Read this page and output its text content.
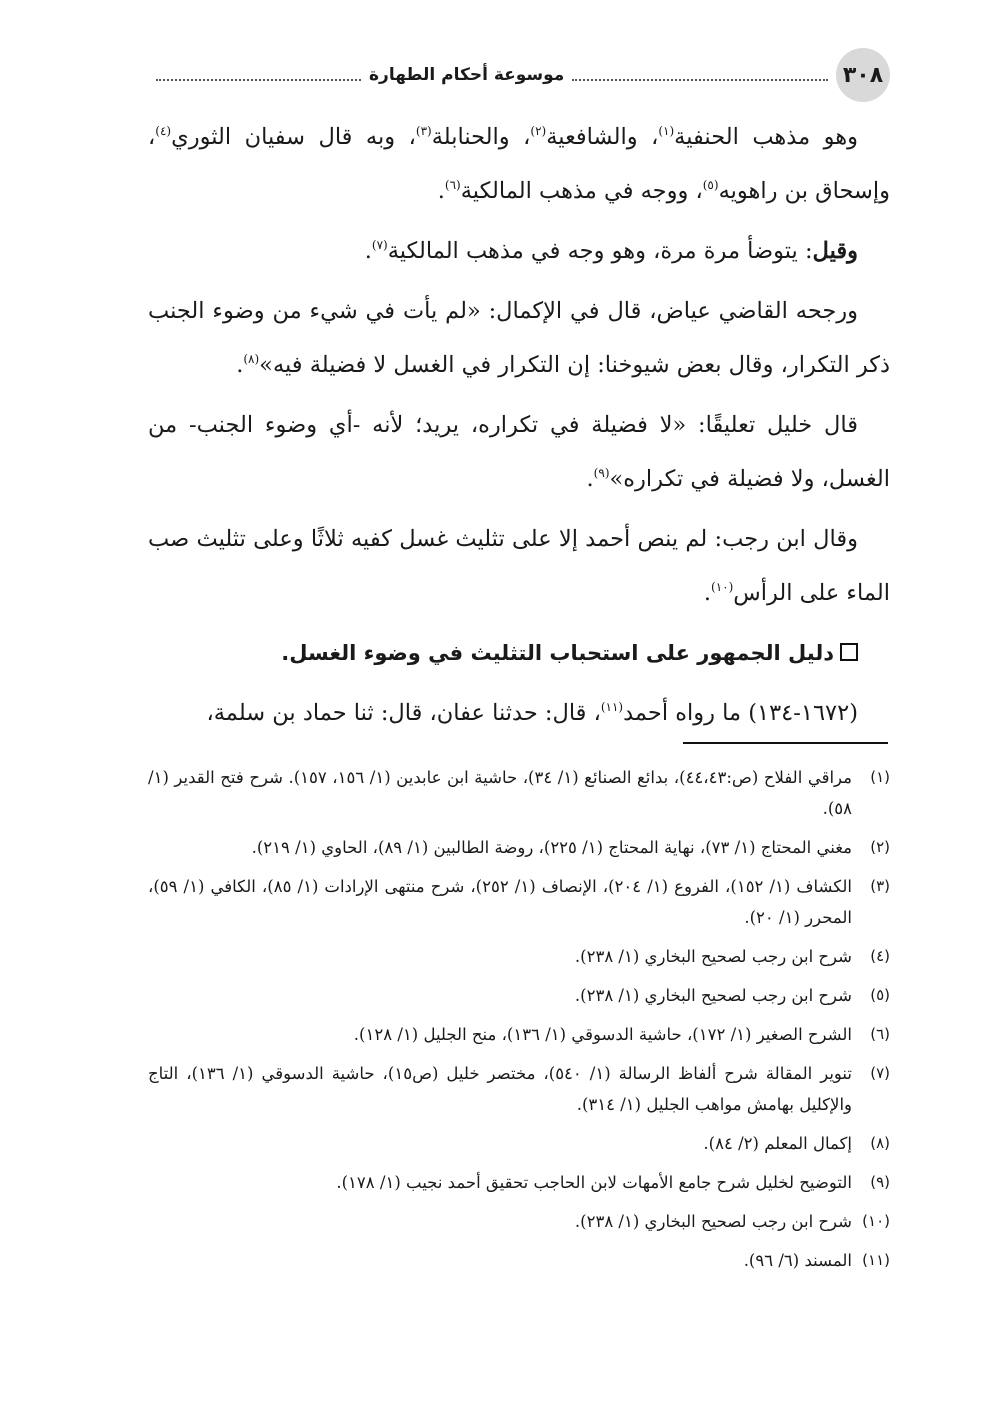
٣٠٨
موسوعة أحكام الطهارة

وهو مذهب الحنفية$^{(١)}$، والشافعية$^{(٢)}$، والحنابلة$^{(٣)}$، وبه قال سفيان الثوري$^{(٤)}$، وإسحاق بن راهويه$^{(٥)}$، ووجه في مذهب المالكية$^{(٦)}$.

وقيل: يتوضأ مرة مرة، وهو وجه في مذهب المالكية$^{(٧)}$.

ورجحه القاضي عياض، قال في الإكمال: «لم يأت في شيء من وضوء الجنب ذكر التكرار، وقال بعض شيوخنا: إن التكرار في الغسل لا فضيلة فيه»$^{(٨)}$.

قال خليل تعليقًا: «لا فضيلة في تكراره، يريد؛ لأنه -أي وضوء الجنب- من الغسل، ولا فضيلة في تكراره»$^{(٩)}$.

وقال ابن رجب: لم ينص أحمد إلا على تثليث غسل كفيه ثلاثًا وعلى تثليث صب الماء على الرأس$^{(١٠)}$.

دليل الجمهور على استحباب التثليث في وضوء الغسل.

(١٦٧٢-١٣٤) ما رواه أحمد$^{(١١)}$، قال: حدثنا عفان، قال: ثنا حماد بن سلمة،

(١)
مراقي الفلاح (ص:٤٤،٤٣)، بدائع الصنائع (١/ ٣٤)، حاشية ابن عابدين (١/ ١٥٦، ١٥٧). شرح فتح القدير (١/ ٥٨).
(٢)
مغني المحتاج (١/ ٧٣)، نهاية المحتاج (١/ ٢٢٥)، روضة الطالبين (١/ ٨٩)، الحاوي (١/ ٢١٩).
(٣)
الكشاف (١/ ١٥٢)، الفروع (١/ ٢٠٤)، الإنصاف (١/ ٢٥٢)، شرح منتهى الإرادات (١/ ٨٥)، الكافي (١/ ٥٩)، المحرر (١/ ٢٠).
(٤)
شرح ابن رجب لصحيح البخاري (١/ ٢٣٨).
(٥)
شرح ابن رجب لصحيح البخاري (١/ ٢٣٨).
(٦)
الشرح الصغير (١/ ١٧٢)، حاشية الدسوقي (١/ ١٣٦)، منح الجليل (١/ ١٢٨).
(٧)
تنوير المقالة شرح ألفاظ الرسالة (١/ ٥٤٠)، مختصر خليل (ص١٥)، حاشية الدسوقي (١/ ١٣٦)، التاج والإكليل بهامش مواهب الجليل (١/ ٣١٤).
(٨)
إكمال المعلم (٢/ ٨٤).
(٩)
التوضيح لخليل شرح جامع الأمهات لابن الحاجب تحقيق أحمد نجيب (١/ ١٧٨).
(١٠)
شرح ابن رجب لصحيح البخاري (١/ ٢٣٨).
(١١)
المسند (٦/ ٩٦).
